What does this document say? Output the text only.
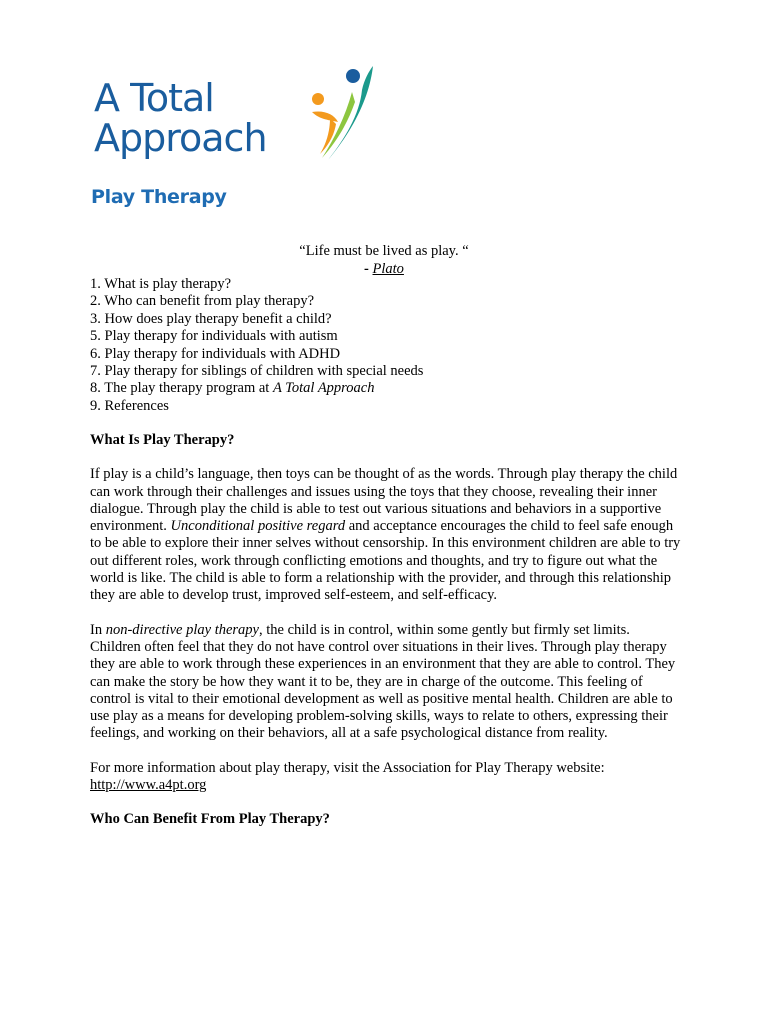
A Total
Approach
Play Therapy
“Life must be lived as play. “
- Plato
1. What is play therapy?
2. Who can benefit from play therapy?
3. How does play therapy benefit a child?
5. Play therapy for individuals with autism
6. Play therapy for individuals with ADHD
7. Play therapy for siblings of children with special needs
8. The play therapy program at A Total Approach
9. References
What Is Play Therapy?

If play is a child’s language, then toys can be thought of as the words. Through play therapy the child can work through their challenges and issues using the toys that they choose, revealing their inner dialogue. Through play the child is able to test out various situations and behaviors in a supportive environment. Unconditional positive regard and acceptance encourages the child to feel safe enough to be able to explore their inner selves without censorship. In this environment children are able to try out different roles, work through conflicting emotions and thoughts, and try to figure out what the world is like. The child is able to form a relationship with the provider, and through this relationship they are able to develop trust, improved self-esteem, and self-efficacy.

In non-directive play therapy, the child is in control, within some gently but firmly set limits. Children often feel that they do not have control over situations in their lives. Through play therapy they are able to work through these experiences in an environment that they are able to control. They can make the story be how they want it to be, they are in charge of the outcome. This feeling of control is vital to their emotional development as well as positive mental health. Children are able to use play as a means for developing problem-solving skills, ways to relate to others, expressing their feelings, and working on their behaviors, all at a safe psychological distance from reality.

For more information about play therapy, visit the Association for Play Therapy website:
http://www.a4pt.org

Who Can Benefit From Play Therapy?
